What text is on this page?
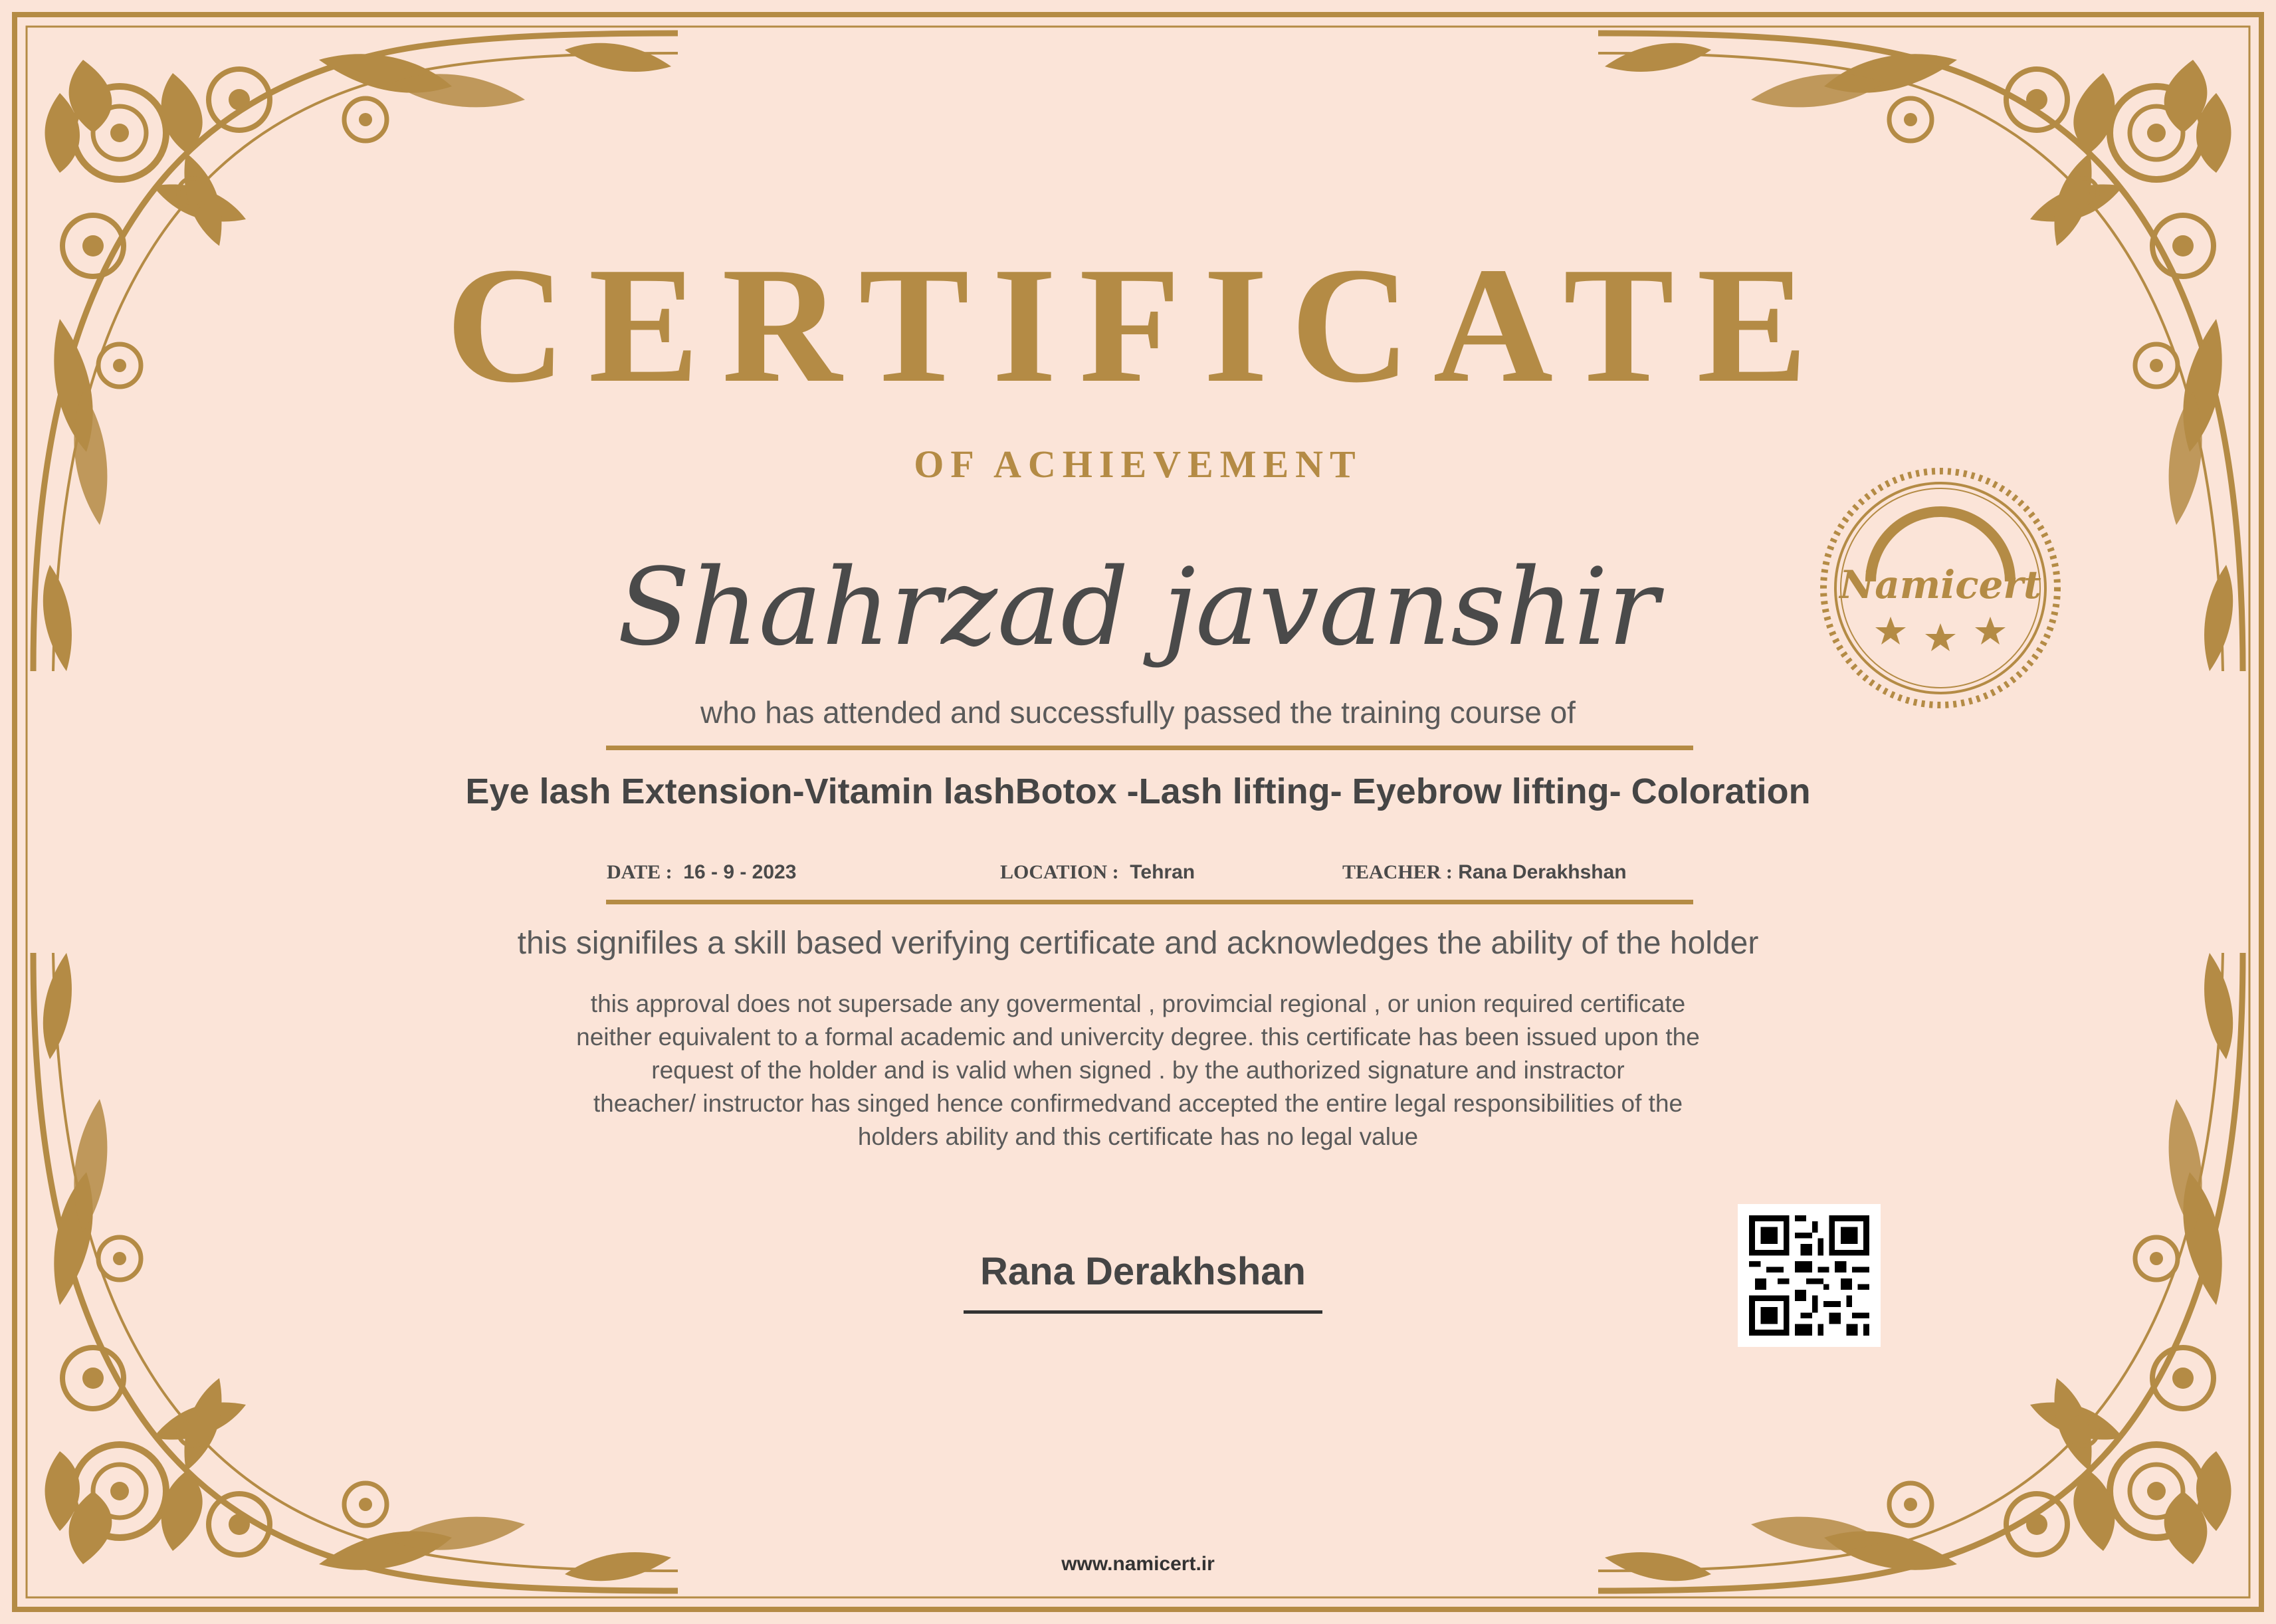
CERTIFICATE
OF ACHIEVEMENT
Namicert
Shahrzad javanshir
who has attended and successfully passed the training course of
Eye lash Extension-Vitamin lashBotox -Lash lifting- Eyebrow lifting- Coloration
DATE : 16 - 9 - 2023	LOCATION : Tehran	TEACHER : Rana Derakhshan
this signifiles a skill based verifying certificate and acknowledges the ability of the holder
this approval does not supersade any govermental , provimcial regional , or union required certificate
neither equivalent to a formal academic and univercity degree. this certificate has been issued upon the
request of the holder and is valid when signed . by the authorized signature and instractor
theacher/ instructor has singed hence confirmedvand accepted the entire legal responsibilities of the
holders ability and this certificate has no legal value
Rana Derakhshan
www.namicert.ir
